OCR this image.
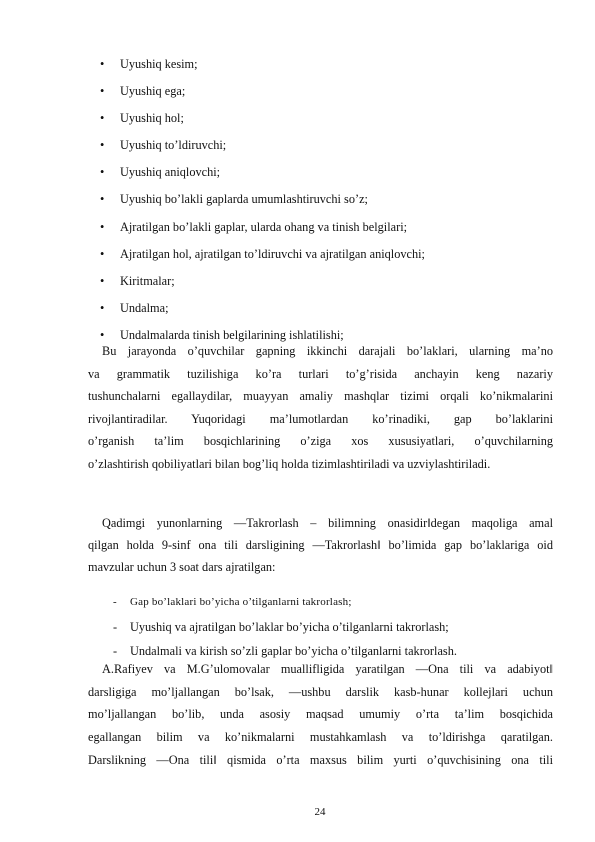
•	Uyushiq kesim;
•	Uyushiq ega;
•	Uyushiq hol;
•	Uyushiq to’ldiruvchi;
•	Uyushiq aniqlovchi;
•	Uyushiq bo’lakli gaplarda umumlashtiruvchi so’z;
•	Ajratilgan bo’lakli gaplar, ularda ohang va tinish belgilari;
•	Ajratilgan hol, ajratilgan to’ldiruvchi va ajratilgan aniqlovchi;
•	Kiritmalar;
•	Undalma;
•	Undalmalarda tinish belgilarining ishlatilishi;
Bu jarayonda o’quvchilar gapning ikkinchi darajali bo’laklari, ularning ma’no
va grammatik tuzilishiga ko’ra turlari to’g’risida anchayin keng nazariy
tushunchalarni egallaydilar, muayyan amaliy mashqlar tizimi orqali ko’nikmalarini
rivojlantiradilar. Yuqoridagi ma’lumotlardan ko’rinadiki, gap bo’laklarini
o’rganish ta’lim bosqichlarining o’ziga xos xususiyatlari, o’quvchilarning
o’zlashtirish qobiliyatlari bilan bog’liq holda tizimlashtiriladi va uzviylashtiriladi.
Qadimgi yunonlarning ―Takrorlash – bilimning onasidir‖degan maqoliga amal
qilgan holda 9-sinf ona tili darsligining ―Takrorlash‖ bo’limida gap bo’laklariga oid
mavzular uchun 3 soat dars ajratilgan:
- Gap bo’laklari bo’yicha o’tilganlarni takrorlash;
- Uyushiq va ajratilgan bo’laklar bo’yicha o’tilganlarni takrorlash;
- Undalmali va kirish so’zli gaplar bo’yicha o’tilganlarni takrorlash.
A.Rafiyev va M.G’ulomovalar muallifligida yaratilgan ―Ona tili va adabiyot‖
darsligiga mo’ljallangan bo’lsak, ―ushbu darslik kasb-hunar kollejlari uchun
mo’ljallangan bo’lib, unda asosiy maqsad umumiy o’rta ta’lim bosqichida
egallangan bilim va ko’nikmalarni mustahkamlash va to’ldirishga qaratilgan.
Darslikning ―Ona tili‖ qismida o’rta maxsus bilim yurti o’quvchisining ona tili
24
